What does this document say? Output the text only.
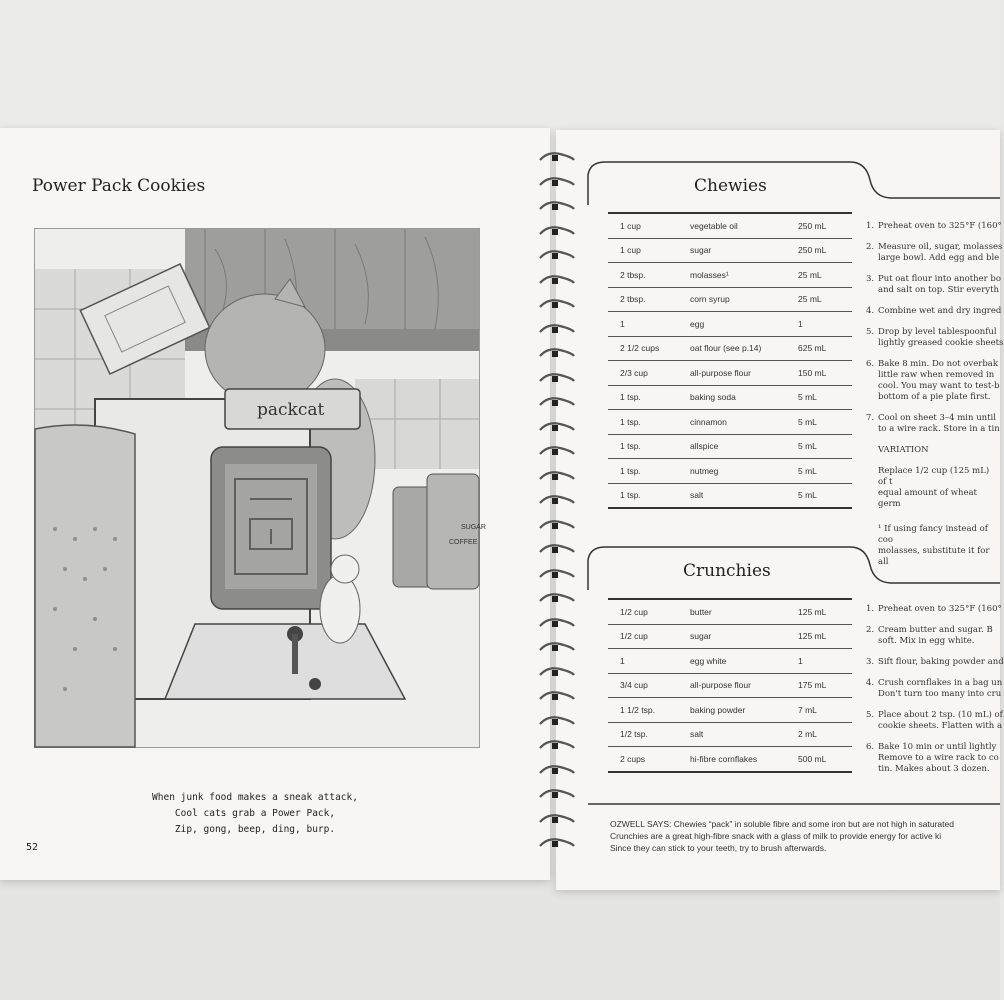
Power Pack Cookies
packcat
SUGAR
COFFEE
When junk food makes a sneak attack,
Cool cats grab a Power Pack,
Zip, gong, beep, ding, burp.
52
Chewies
1 cup	vegetable oil	250 mL
1 cup	sugar	250 mL
2 tbsp.	molasses¹	25 mL
2 tbsp.	corn syrup	25 mL
1	egg	1
2 1/2 cups	oat flour (see p.14)	625 mL
2/3 cup	all-purpose flour	150 mL
1 tsp.	baking soda	5 mL
1 tsp.	cinnamon	5 mL
1 tsp.	allspice	5 mL
1 tsp.	nutmeg	5 mL
1 tsp.	salt	5 mL
1. Preheat oven to 325°F (160°
2. Measure oil, sugar, molasses
large bowl. Add egg and ble
3. Put oat flour into another bo
and salt on top. Stir everyth
4. Combine wet and dry ingred
5. Drop by level tablespoonful
lightly greased cookie sheets
6. Bake 8 min. Do not overbak
little raw when removed in
cool. You may want to test-b
bottom of a pie plate first.
7. Cool on sheet 3–4 min until
to a wire rack. Store in a tin
VARIATION
Replace 1/2 cup (125 mL) of t
equal amount of wheat germ
¹ If using fancy instead of coo
molasses, substitute it for all
Crunchies
1/2 cup	butter	125 mL
1/2 cup	sugar	125 mL
1	egg white	1
3/4 cup	all-purpose flour	175 mL
1 1/2 tsp.	baking powder	7 mL
1/2 tsp.	salt	2 mL
2 cups	hi-fibre cornflakes	500 mL
1. Preheat oven to 325°F (160°
2. Cream butter and sugar. B
soft. Mix in egg white.
3. Sift flour, baking powder and
4. Crush cornflakes in a bag un
Don't turn too many into cru
5. Place about 2 tsp. (10 mL) of
cookie sheets. Flatten with a
6. Bake 10 min or until lightly
Remove to a wire rack to co
tin. Makes about 3 dozen.
OZWELL SAYS: Chewies “pack” in soluble fibre and some iron but are not high in saturated
Crunchies are a great high-fibre snack with a glass of milk to provide energy for active ki
Since they can stick to your teeth, try to brush afterwards.
